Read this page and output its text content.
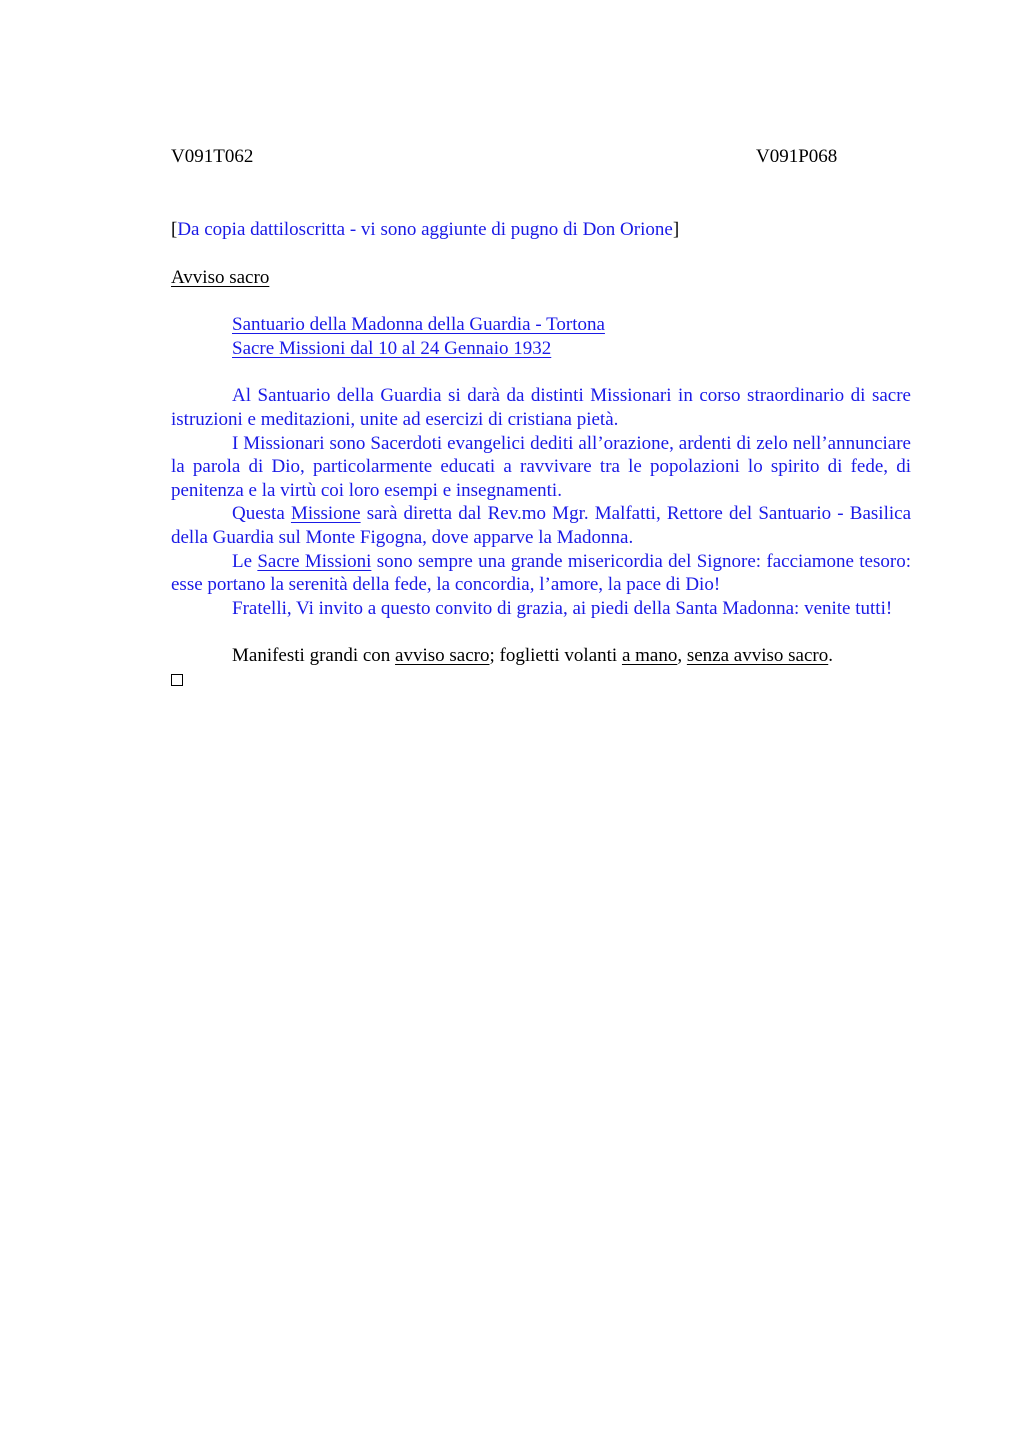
V091T062	V091P068
[Da copia dattiloscritta - vi sono aggiunte di pugno di Don Orione]
Avviso sacro
Santuario della Madonna della Guardia - Tortona
Sacre Missioni dal 10 al 24 Gennaio 1932

Al Santuario della Guardia si darà da distinti Missionari in corso straordinario di sacre istruzioni e meditazioni, unite ad esercizi di cristiana pietà.

I Missionari sono Sacerdoti evangelici dediti all’orazione, ardenti di zelo nell’annunciare la parola di Dio, particolarmente educati a ravvivare tra le popolazioni lo spirito di fede, di penitenza e la virtù coi loro esempi e insegnamenti.

Questa Missione sarà diretta dal Rev.mo Mgr. Malfatti, Rettore del Santuario - Basilica della Guardia sul Monte Figogna, dove apparve la Madonna.

Le Sacre Missioni sono sempre una grande misericordia del Signore: facciamone tesoro: esse portano la serenità della fede, la concordia, l’amore, la pace di Dio!

Fratelli, Vi invito a questo convito di grazia, ai piedi della Santa Madonna: venite tutti!

Manifesti grandi con avviso sacro; foglietti volanti a mano, senza avviso sacro.
